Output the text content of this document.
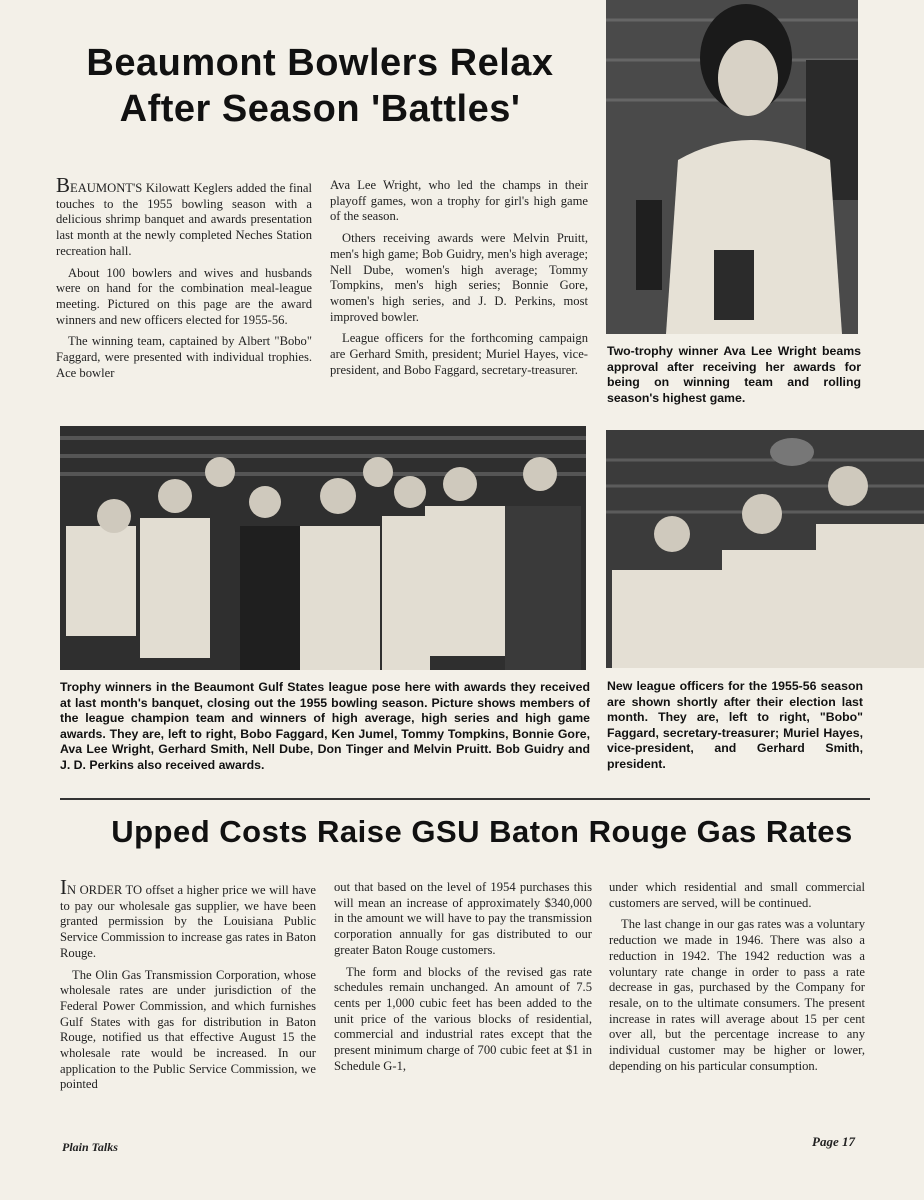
Beaumont Bowlers Relax
After Season 'Battles'

BEAUMONT'S Kilowatt Keglers added the final touches to the 1955 bowling season with a delicious shrimp banquet and awards presentation last month at the newly completed Neches Station recreation hall.

About 100 bowlers and wives and husbands were on hand for the combination meal-league meeting. Pictured on this page are the award winners and new officers elected for 1955-56.

The winning team, captained by Albert "Bobo" Faggard, were presented with individual trophies. Ace bowler

Ava Lee Wright, who led the champs in their playoff games, won a trophy for girl's high game of the season.

Others receiving awards were Melvin Pruitt, men's high game; Bob Guidry, men's high average; Nell Dube, women's high average; Tommy Tompkins, men's high series; Bonnie Gore, women's high series, and J. D. Perkins, most improved bowler.

League officers for the forthcoming campaign are Gerhard Smith, president; Muriel Hayes, vice-president, and Bobo Faggard, secretary-treasurer.

Two-trophy winner Ava Lee Wright beams approval after receiving her awards for being on winning team and rolling season's highest game.
Trophy winners in the Beaumont Gulf States league pose here with awards they received at last month's banquet, closing out the 1955 bowling season. Picture shows members of the league champion team and winners of high average, high series and high game awards. They are, left to right, Bobo Faggard, Ken Jumel, Tommy Tompkins, Bonnie Gore, Ava Lee Wright, Gerhard Smith, Nell Dube, Don Tinger and Melvin Pruitt. Bob Guidry and J. D. Perkins also received awards.
New league officers for the 1955-56 season are shown shortly after their election last month. They are, left to right, "Bobo" Faggard, secretary-treasurer; Muriel Hayes, vice-president, and Gerhard Smith, president.
Upped Costs Raise GSU Baton Rouge Gas Rates

IN ORDER TO offset a higher price we will have to pay our wholesale gas supplier, we have been granted permission by the Louisiana Public Service Commission to increase gas rates in Baton Rouge.

The Olin Gas Transmission Corporation, whose wholesale rates are under jurisdiction of the Federal Power Commission, and which furnishes Gulf States with gas for distribution in Baton Rouge, notified us that effective August 15 the wholesale rate would be increased. In our application to the Public Service Commission, we pointed

out that based on the level of 1954 purchases this will mean an increase of approximately $340,000 in the amount we will have to pay the transmission corporation annually for gas distributed to our greater Baton Rouge customers.

The form and blocks of the revised gas rate schedules remain unchanged. An amount of 7.5 cents per 1,000 cubic feet has been added to the unit price of the various blocks of residential, commercial and industrial rates except that the present minimum charge of 700 cubic feet at $1 in Schedule G-1,

under which residential and small commercial customers are served, will be continued.

The last change in our gas rates was a voluntary reduction we made in 1946. There was also a reduction in 1942. The 1942 reduction was a voluntary rate change in order to pass a rate decrease in gas, purchased by the Company for resale, on to the ultimate consumers. The present increase in rates will average about 15 per cent over all, but the percentage increase to any individual customer may be higher or lower, depending on his particular consumption.

Plain Talks	Page 17
